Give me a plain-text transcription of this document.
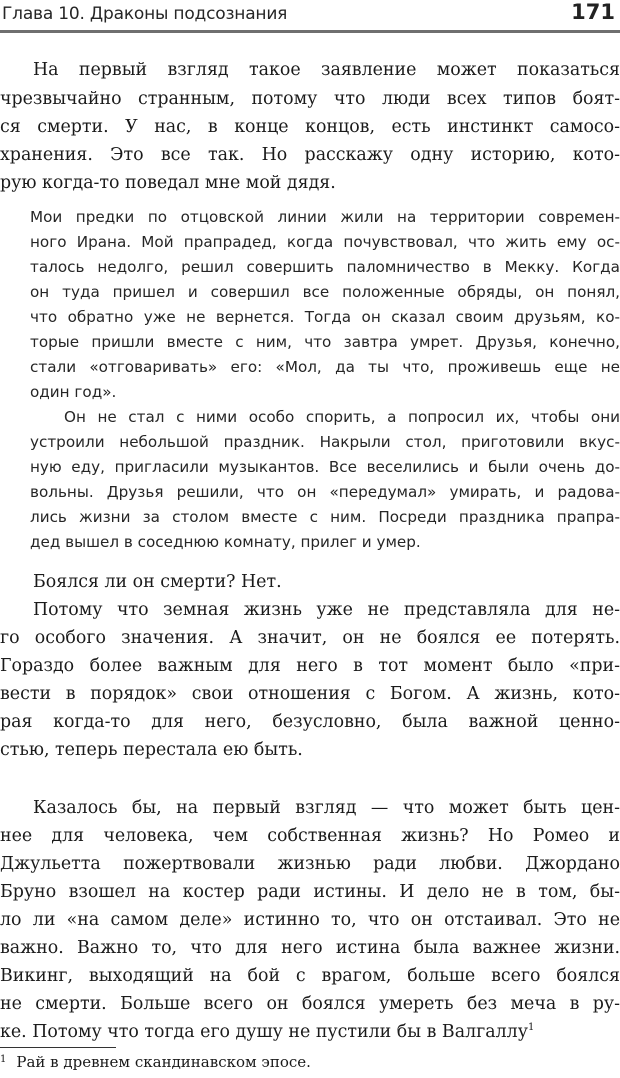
Глава 10. Драконы подсознания	171
На первый взгляд такое заявление может показаться
чрезвычайно странным, потому что люди всех типов боят-
ся смерти. У нас, в конце концов, есть инстинкт самосо-
хранения. Это все так. Но расскажу одну историю, кото-
рую когда-то поведал мне мой дядя.
Мои предки по отцовской линии жили на территории современ-
ного Ирана. Мой прапрадед, когда почувствовал, что жить ему ос-
талось недолго, решил совершить паломничество в Мекку. Когда
он туда пришел и совершил все положенные обряды, он понял,
что обратно уже не вернется. Тогда он сказал своим друзьям, ко-
торые пришли вместе с ним, что завтра умрет. Друзья, конечно,
стали «отговаривать» его: «Мол, да ты что, проживешь еще не
один год».
Он не стал с ними особо спорить, а попросил их, чтобы они
устроили небольшой праздник. Накрыли стол, приготовили вкус-
ную еду, пригласили музыкантов. Все веселились и были очень до-
вольны. Друзья решили, что он «передумал» умирать, и радова-
лись жизни за столом вместе с ним. Посреди праздника прапра-
дед вышел в соседнюю комнату, прилег и умер.
Боялся ли он смерти? Нет.
Потому что земная жизнь уже не представляла для не-
го особого значения. А значит, он не боялся ее потерять.
Гораздо более важным для него в тот момент было «при-
вести в порядок» свои отношения с Богом. А жизнь, кото-
рая когда-то для него, безусловно, была важной ценно-
стью, теперь перестала ею быть.
Казалось бы, на первый взгляд — что может быть цен-
нее для человека, чем собственная жизнь? Но Ромео и
Джульетта пожертвовали жизнью ради любви. Джордано
Бруно взошел на костер ради истины. И дело не в том, бы-
ло ли «на самом деле» истинно то, что он отстаивал. Это не
важно. Важно то, что для него истина была важнее жизни.
Викинг, выходящий на бой с врагом, больше всего боялся
не смерти. Больше всего он боялся умереть без меча в ру-
ке. Потому что тогда его душу не пустили бы в Валгаллу$^1$
$^1$ Рай в древнем скандинавском эпосе.
